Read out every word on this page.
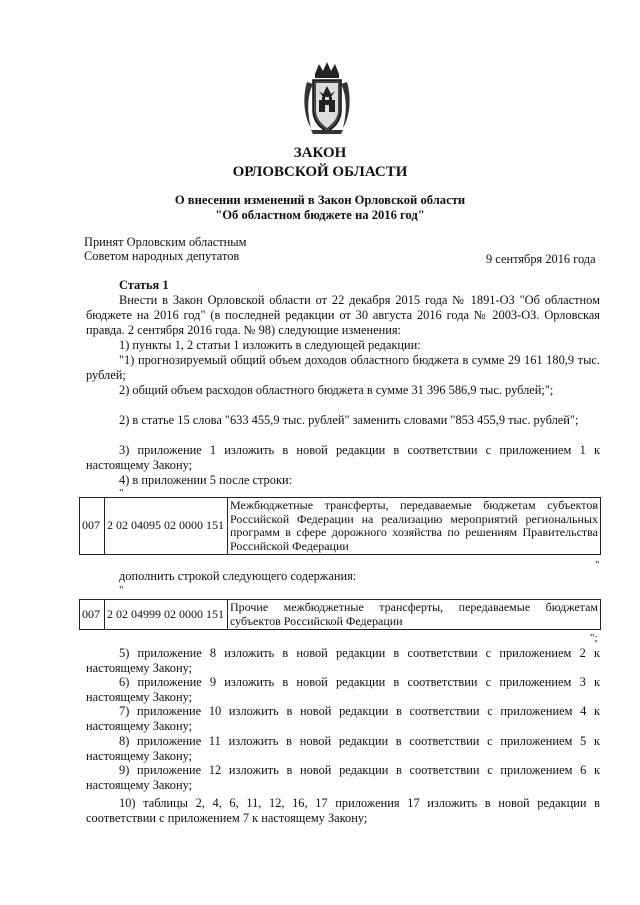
ЗАКОН
ОРЛОВСКОЙ ОБЛАСТИ
О внесении изменений в Закон Орловской области
"Об областном бюджете на 2016 год"
Принят Орловским областным
Советом народных депутатов	9 сентября 2016 года
Статья 1
Внести в Закон Орловской области от 22 декабря 2015 года № 1891-ОЗ "Об областном бюджете на 2016 год" (в последней редакции от 30 августа 2016 года № 2003-ОЗ. Орловская правда. 2 сентября 2016 года. № 98) следующие изменения:
1) пункты 1, 2 статьи 1 изложить в следующей редакции:
"1) прогнозируемый общий объем доходов областного бюджета в сумме 29 161 180,9 тыс. рублей;
2) общий объем расходов областного бюджета в сумме 31 396 586,9 тыс. рублей;";
2) в статье 15 слова "633 455,9 тыс. рублей" заменить словами "853 455,9 тыс. рублей";
3) приложение 1 изложить в новой редакции в соответствии с приложением 1 к настоящему Закону;
4) в приложении 5 после строки:
"
007	2 02 04095 02 0000 151	Межбюджетные трансферты, передаваемые бюджетам субъектов Российской Федерации на реализацию мероприятий региональных программ в сфере дорожного хозяйства по решениям Правительства Российской Федерации
"
дополнить строкой следующего содержания:
"
007	2 02 04999 02 0000 151	Прочие межбюджетные трансферты, передаваемые бюджетам субъектов Российской Федерации
";
5) приложение 8 изложить в новой редакции в соответствии с приложением 2 к настоящему Закону;
6) приложение 9 изложить в новой редакции в соответствии с приложением 3 к настоящему Закону;
7) приложение 10 изложить в новой редакции в соответствии с приложением 4 к настоящему Закону;
8) приложение 11 изложить в новой редакции в соответствии с приложением 5 к настоящему Закону;
9) приложение 12 изложить в новой редакции в соответствии с приложением 6 к настоящему Закону;
10) таблицы 2, 4, 6, 11, 12, 16, 17 приложения 17 изложить в новой редакции в соответствии с приложением 7 к настоящему Закону;
